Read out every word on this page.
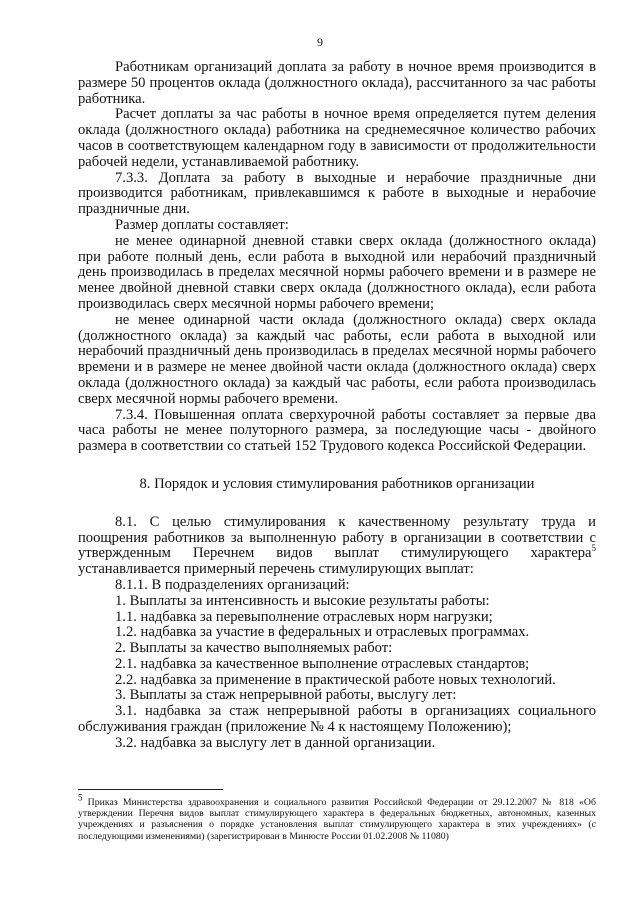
9

Работникам организаций доплата за работу в ночное время производится в размере 50 процентов оклада (должностного оклада), рассчитанного за час работы работника.

Расчет доплаты за час работы в ночное время определяется путем деления оклада (должностного оклада) работника на среднемесячное количество рабочих часов в соответствующем календарном году в зависимости от продолжительности рабочей недели, устанавливаемой работнику.

7.3.3. Доплата за работу в выходные и нерабочие праздничные дни производится работникам, привлекавшимся к работе в выходные и нерабочие праздничные дни.

Размер доплаты составляет:

не менее одинарной дневной ставки сверх оклада (должностного оклада) при работе полный день, если работа в выходной или нерабочий праздничный день производилась в пределах месячной нормы рабочего времени и в размере не менее двойной дневной ставки сверх оклада (должностного оклада), если работа производилась сверх месячной нормы рабочего времени;

не менее одинарной части оклада (должностного оклада) сверх оклада (должностного оклада) за каждый час работы, если работа в выходной или нерабочий праздничный день производилась в пределах месячной нормы рабочего времени и в размере не менее двойной части оклада (должностного оклада) сверх оклада (должностного оклада) за каждый час работы, если работа производилась сверх месячной нормы рабочего времени.

7.3.4. Повышенная оплата сверхурочной работы составляет за первые два часа работы не менее полуторного размера, за последующие часы - двойного размера в соответствии со статьей 152 Трудового кодекса Российской Федерации.

8. Порядок и условия стимулирования работников организации

8.1. С целью стимулирования к качественному результату труда и поощрения работников за выполненную работу в организации в соответствии с утвержденным Перечнем видов выплат стимулирующего характера$^5$ устанавливается примерный перечень стимулирующих выплат:

8.1.1. В подразделениях организаций:

1. Выплаты за интенсивность и высокие результаты работы:

1.1. надбавка за перевыполнение отраслевых норм нагрузки;

1.2. надбавка за участие в федеральных и отраслевых программах.

2. Выплаты за качество выполняемых работ:

2.1. надбавка за качественное выполнение отраслевых стандартов;

2.2. надбавка за применение в практической работе новых технологий.

3. Выплаты за стаж непрерывной работы, выслугу лет:

3.1. надбавка за стаж непрерывной работы в организациях социального обслуживания граждан (приложение № 4 к настоящему Положению);

3.2. надбавка за выслугу лет в данной организации.

$^5$ Приказ Министерства здравоохранения и социального развития Российской Федерации от 29.12.2007 № 818 «Об утверждении Перечня видов выплат стимулирующего характера в федеральных бюджетных, автономных, казенных учреждениях и разъяснения о порядке установления выплат стимулирующего характера в этих учреждениях» (с последующими изменениями) (зарегистрирован в Минюсте России 01.02.2008 № 11080)
